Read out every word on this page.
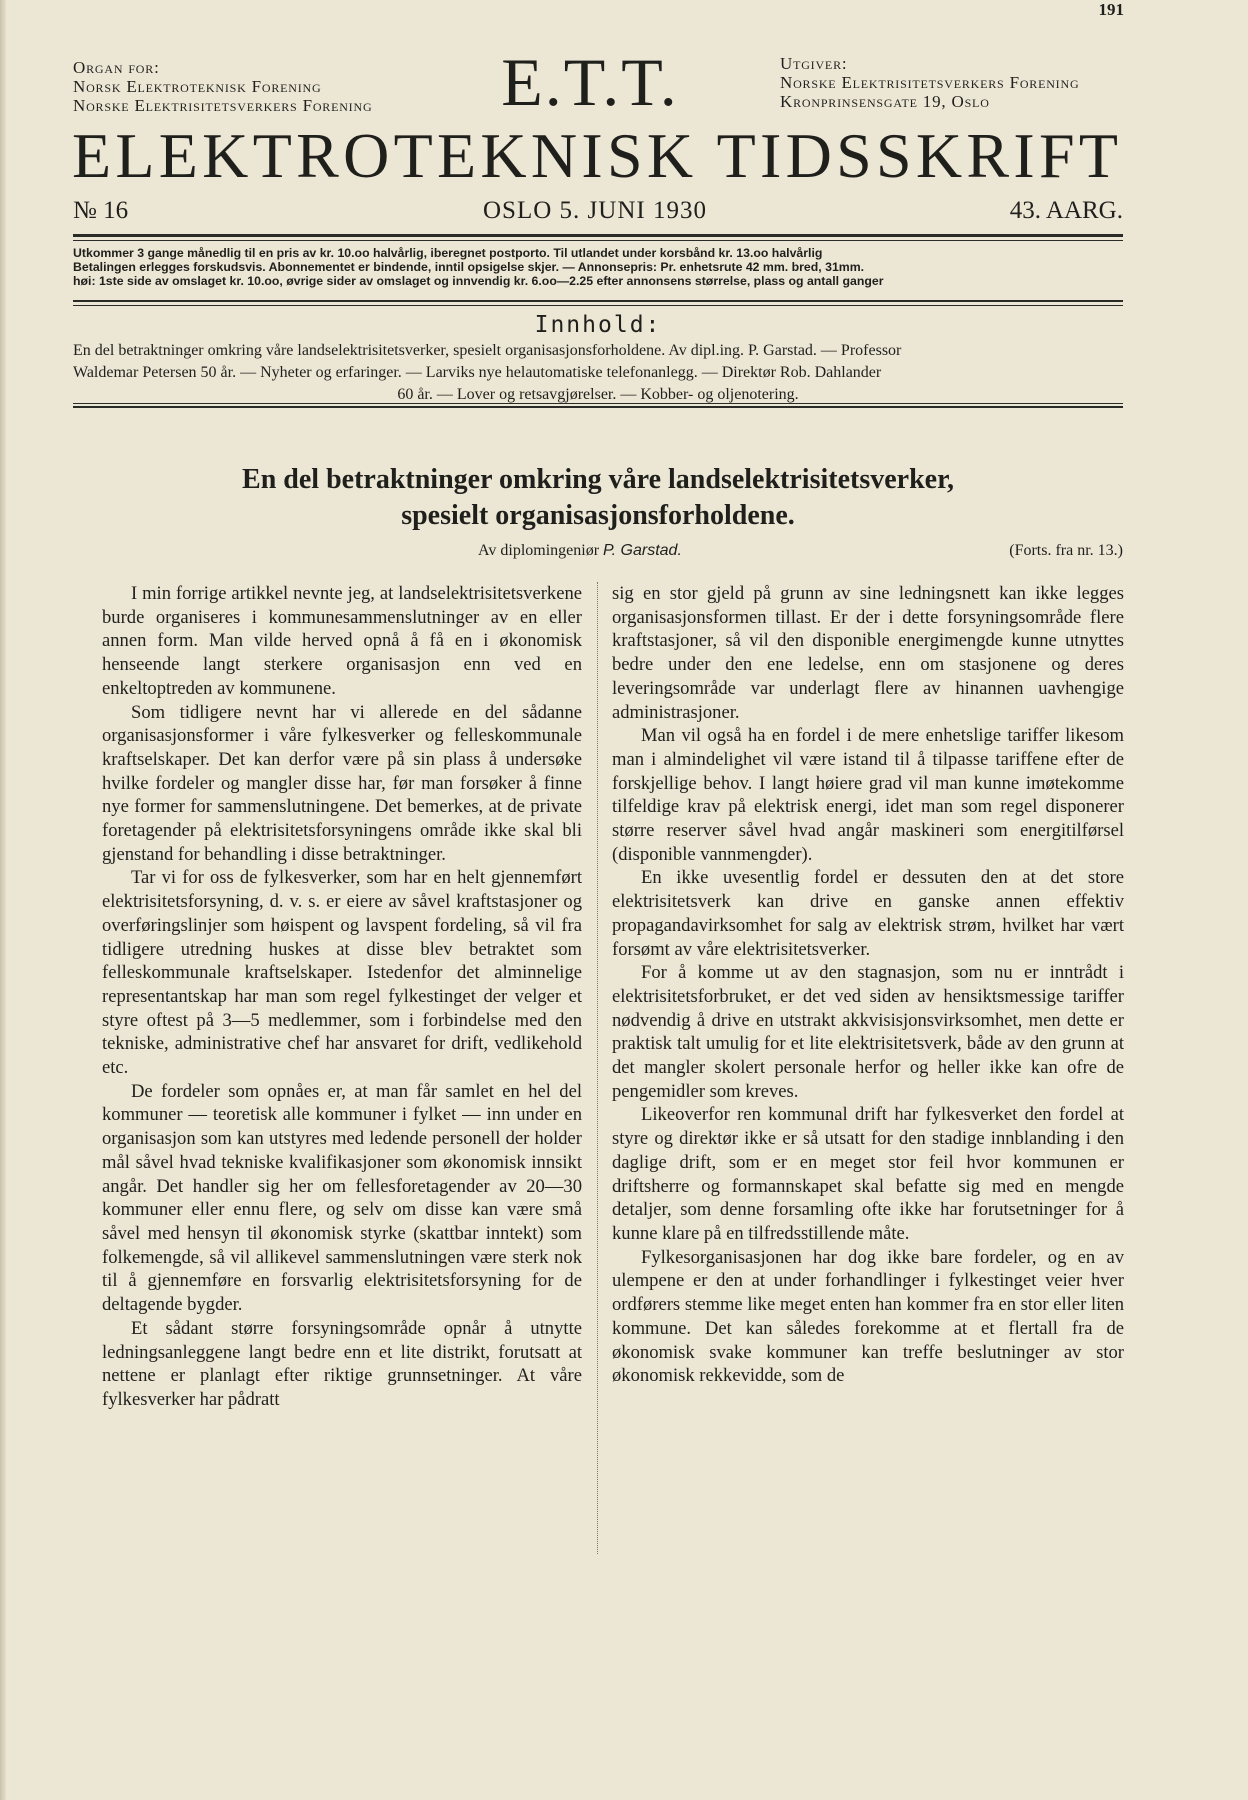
191
Organ for:
Norsk Elektroteknisk Forening
Norske Elektrisitetsverkers Forening	E.T.T.	Utgiver:
Norske Elektrisitetsverkers Forening
Kronprinsensgate 19, Oslo
ELEKTROTEKNISK TIDSSKRIFT
№ 16	OSLO 5. JUNI 1930	43. AARG.
Utkommer 3 gange månedlig til en pris av kr. 10.oo halvårlig, iberegnet postporto. Til utlandet under korsbånd kr. 13.oo halvårlig
Betalingen erlegges forskudsvis. Abonnementet er bindende, inntil opsigelse skjer. — Annonsepris: Pr. enhetsrute 42 mm. bred, 31mm.
høi: 1ste side av omslaget kr. 10.oo, øvrige sider av omslaget og innvendig kr. 6.oo—2.25 efter annonsens størrelse, plass og antall ganger
Innhold:
En del betraktninger omkring våre landselektrisitetsverker, spesielt organisasjonsforholdene. Av dipl.ing. P. Garstad. — Professor
Waldemar Petersen 50 år. — Nyheter og erfaringer. — Larviks nye helautomatiske telefonanlegg. — Direktør Rob. Dahlander
60 år. — Lover og retsavgjørelser. — Kobber- og oljenotering.
En del betraktninger omkring våre landselektrisitetsverker,
spesielt organisasjonsforholdene.
Av diplomingeniør P. Garstad.	(Forts. fra nr. 13.)

I min forrige artikkel nevnte jeg, at landselektrisitetsverkene burde organiseres i kommunesammenslutninger av en eller annen form. Man vilde herved opnå å få en i økonomisk henseende langt sterkere organisasjon enn ved en enkeltoptreden av kommunene.

Som tidligere nevnt har vi allerede en del sådanne organisasjonsformer i våre fylkesverker og felleskommunale kraftselskaper. Det kan derfor være på sin plass å undersøke hvilke fordeler og mangler disse har, før man forsøker å finne nye former for sammenslutningene. Det bemerkes, at de private foretagender på elektrisitetsforsyningens område ikke skal bli gjenstand for behandling i disse betraktninger.

Tar vi for oss de fylkesverker, som har en helt gjennemført elektrisitetsforsyning, d. v. s. er eiere av såvel kraftstasjoner og overføringslinjer som høispent og lavspent fordeling, så vil fra tidligere utredning huskes at disse blev betraktet som felleskommunale kraftselskaper. Istedenfor det alminnelige representantskap har man som regel fylkestinget der velger et styre oftest på 3—5 medlemmer, som i forbindelse med den tekniske, administrative chef har ansvaret for drift, vedlikehold etc.

De fordeler som opnåes er, at man får samlet en hel del kommuner — teoretisk alle kommuner i fylket — inn under en organisasjon som kan utstyres med ledende personell der holder mål såvel hvad tekniske kvalifikasjoner som økonomisk innsikt angår. Det handler sig her om fellesforetagender av 20—30 kommuner eller ennu flere, og selv om disse kan være små såvel med hensyn til økonomisk styrke (skattbar inntekt) som folkemengde, så vil allikevel sammenslutningen være sterk nok til å gjennemføre en forsvarlig elektrisitetsforsyning for de deltagende bygder.

Et sådant større forsyningsområde opnår å utnytte ledningsanleggene langt bedre enn et lite distrikt, forutsatt at nettene er planlagt efter riktige grunnsetninger. At våre fylkesverker har pådratt

sig en stor gjeld på grunn av sine ledningsnett kan ikke legges organisasjonsformen tillast. Er der i dette forsyningsområde flere kraftstasjoner, så vil den disponible energimengde kunne utnyttes bedre under den ene ledelse, enn om stasjonene og deres leveringsområde var underlagt flere av hinannen uavhengige administrasjoner.

Man vil også ha en fordel i de mere enhetslige tariffer likesom man i almindelighet vil være istand til å tilpasse tariffene efter de forskjellige behov. I langt høiere grad vil man kunne imøtekomme tilfeldige krav på elektrisk energi, idet man som regel disponerer større reserver såvel hvad angår maskineri som energitilførsel (disponible vannmengder).

En ikke uvesentlig fordel er dessuten den at det store elektrisitetsverk kan drive en ganske annen effektiv propagandavirksomhet for salg av elektrisk strøm, hvilket har vært forsømt av våre elektrisitetsverker.

For å komme ut av den stagnasjon, som nu er inntrådt i elektrisitetsforbruket, er det ved siden av hensiktsmessige tariffer nødvendig å drive en utstrakt akkvisisjonsvirksomhet, men dette er praktisk talt umulig for et lite elektrisitetsverk, både av den grunn at det mangler skolert personale herfor og heller ikke kan ofre de pengemidler som kreves.

Likeoverfor ren kommunal drift har fylkesverket den fordel at styre og direktør ikke er så utsatt for den stadige innblanding i den daglige drift, som er en meget stor feil hvor kommunen er driftsherre og formannskapet skal befatte sig med en mengde detaljer, som denne forsamling ofte ikke har forutsetninger for å kunne klare på en tilfredsstillende måte.

Fylkesorganisasjonen har dog ikke bare fordeler, og en av ulempene er den at under forhandlinger i fylkestinget veier hver ordførers stemme like meget enten han kommer fra en stor eller liten kommune. Det kan således forekomme at et flertall fra de økonomisk svake kommuner kan treffe beslutninger av stor økonomisk rekkevidde, som de
